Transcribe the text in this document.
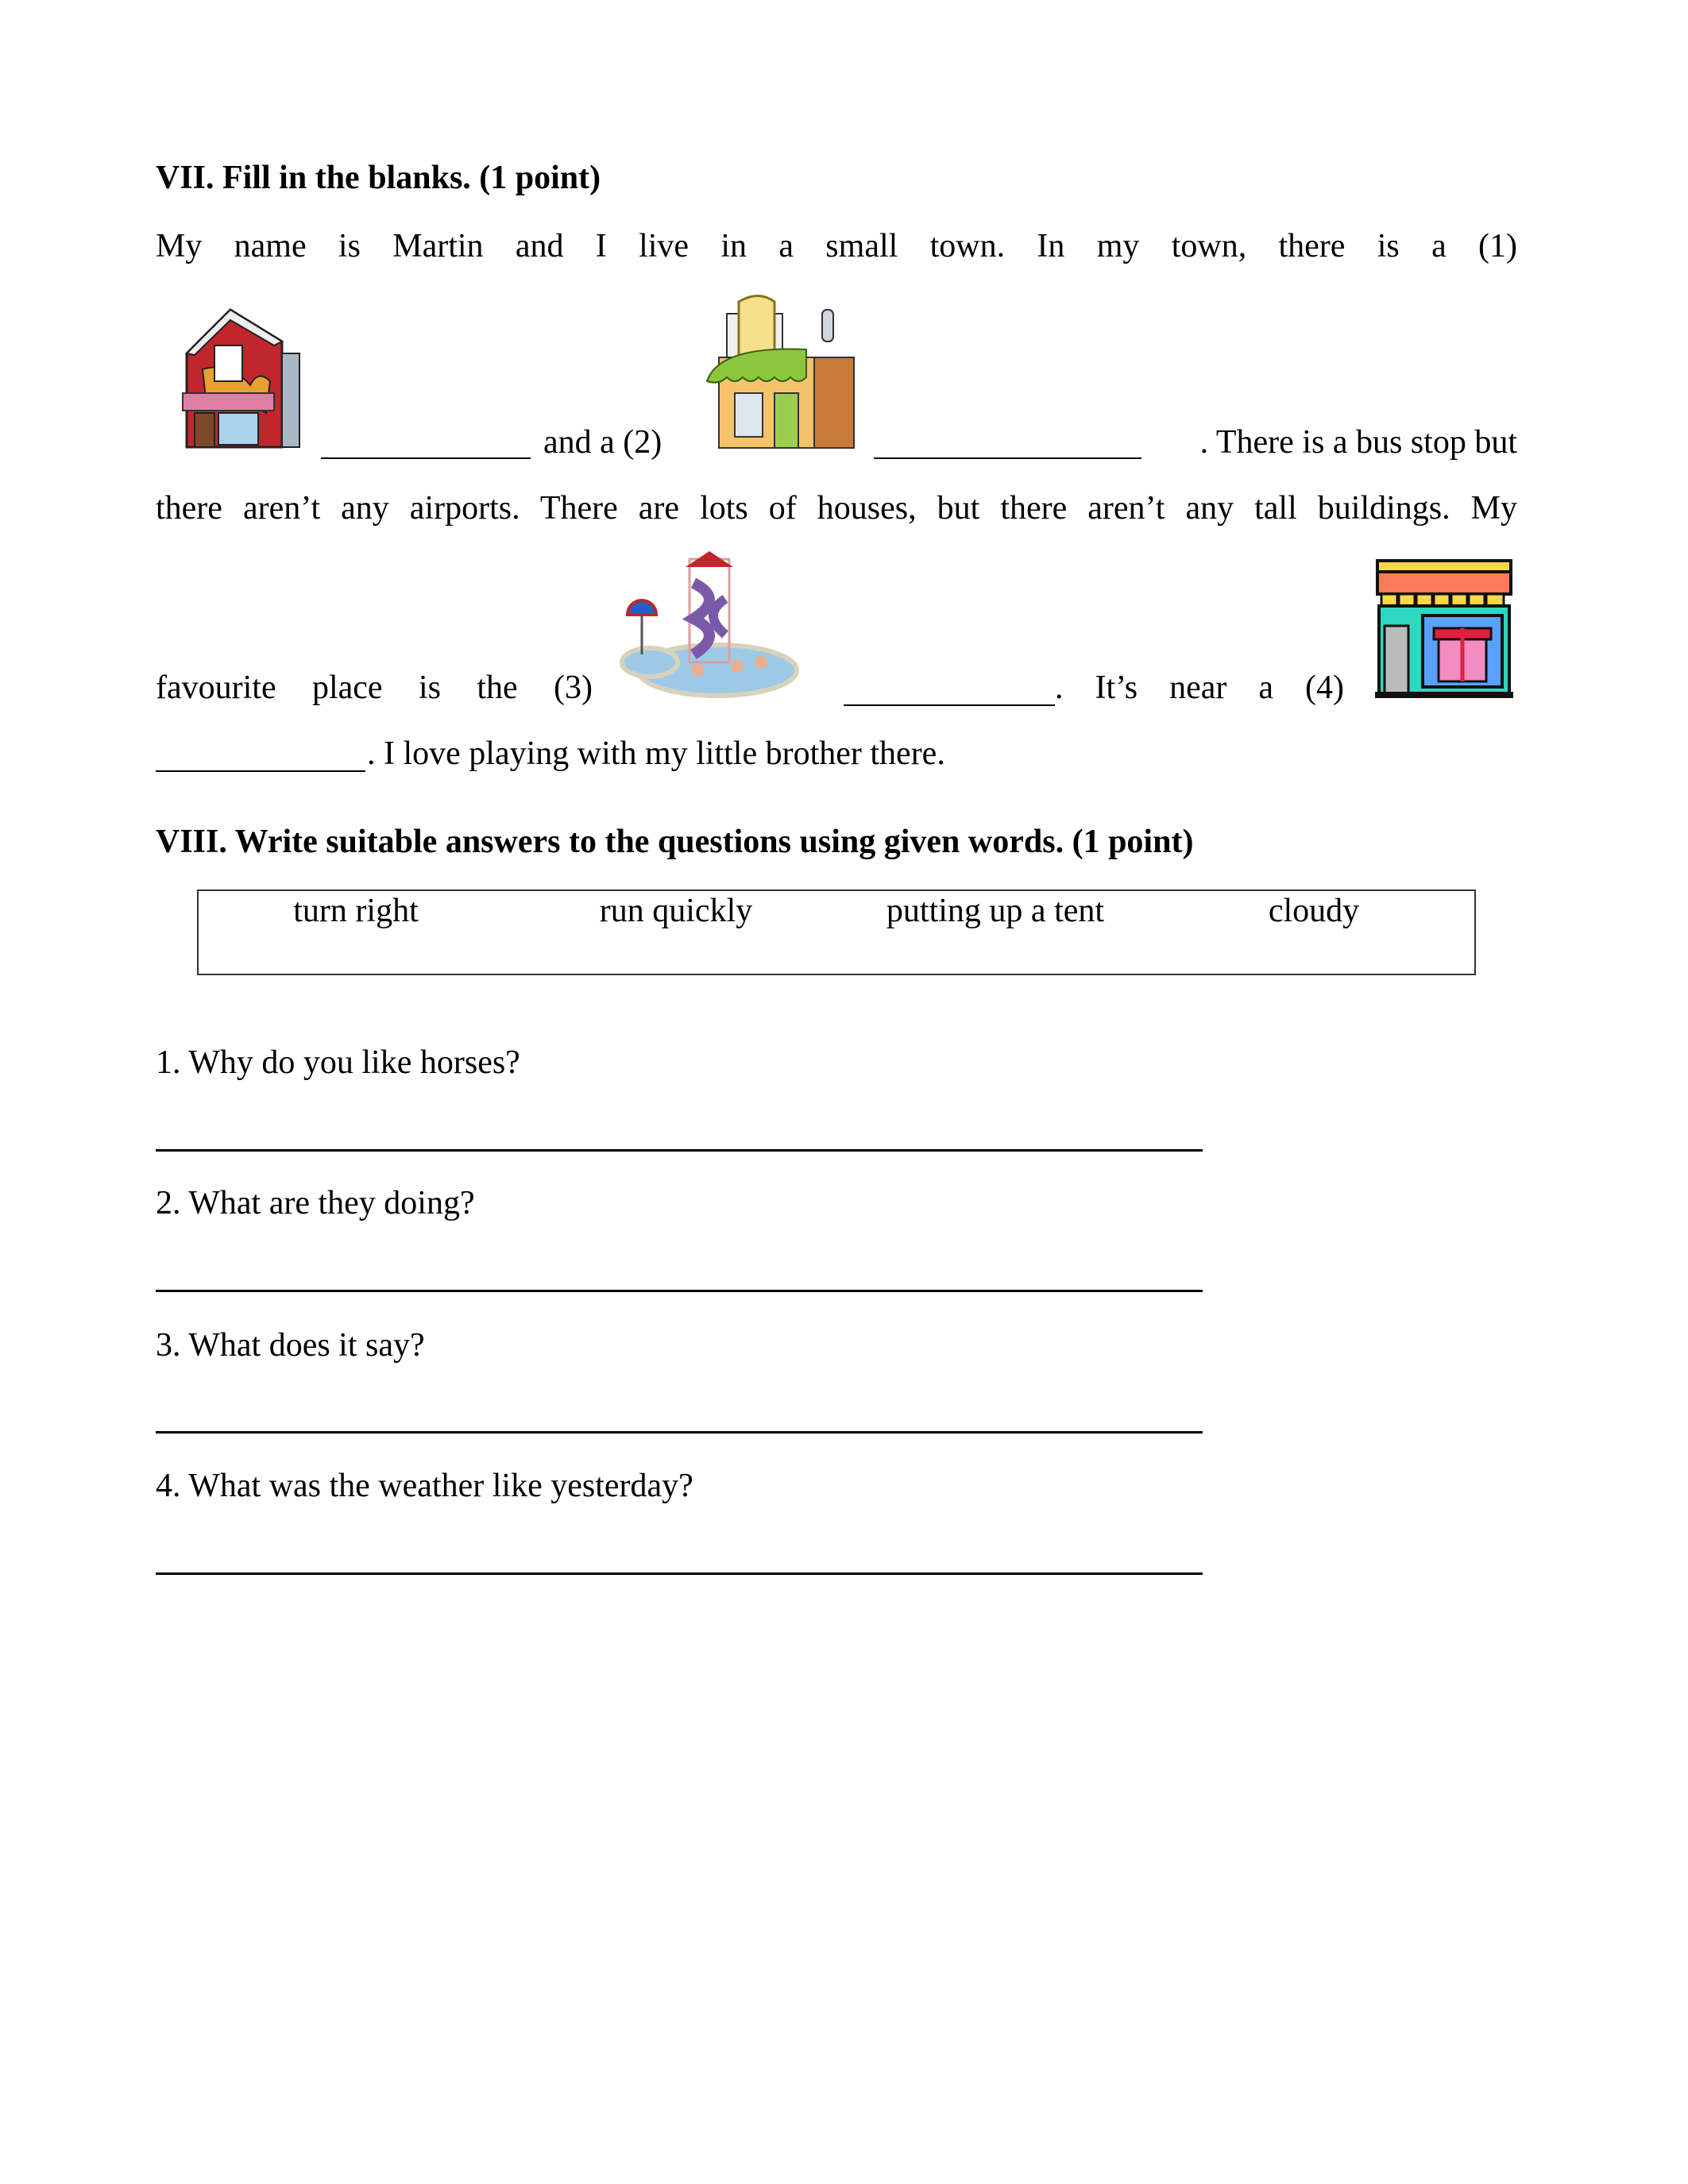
VII. Fill in the blanks. (1 point)
My name is Martin and I live in a small town. In my town, there is a (1)
and a (2)	. There is a bus stop but
there aren’t any airports. There are lots of houses, but there aren’t any tall buildings. My
favourite place is the (3)	. It’s near a (4)
. I love playing with my little brother there.
VIII. Write suitable answers to the questions using given words. (1 point)
turn right	run quickly	putting up a tent	cloudy
1. Why do you like horses?
2. What are they doing?
3. What does it say?
4. What was the weather like yesterday?
